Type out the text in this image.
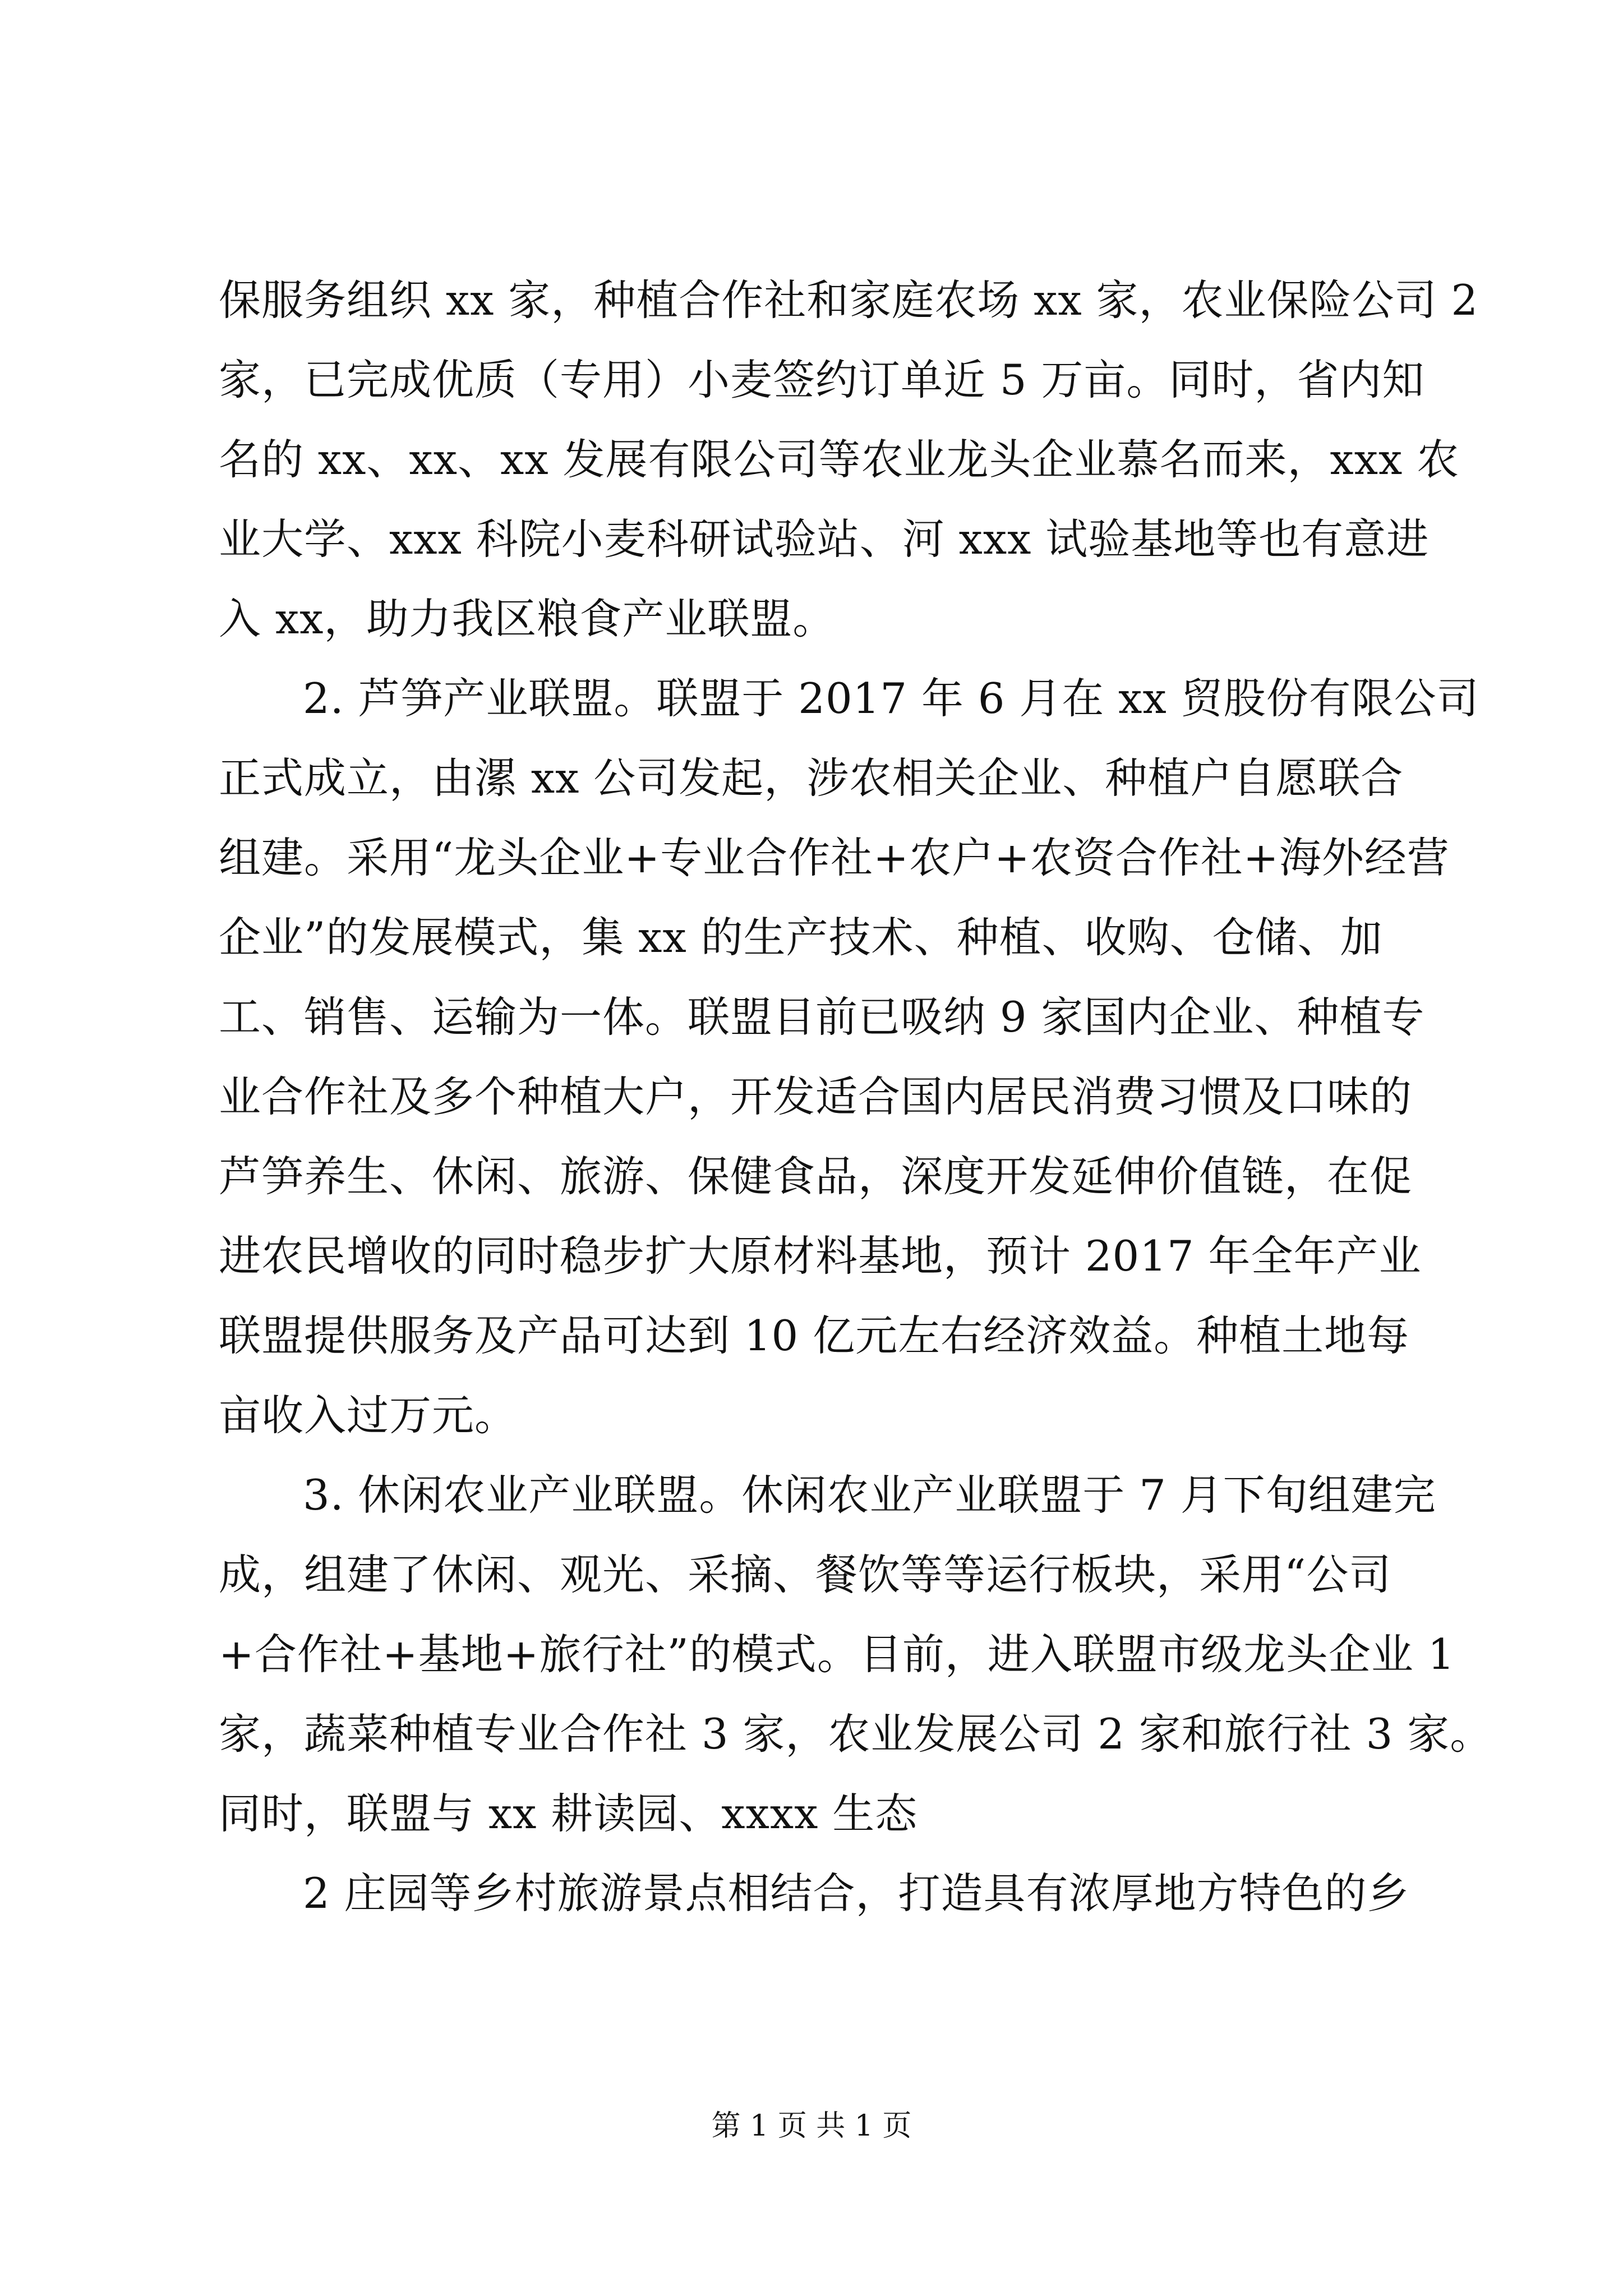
保服务组织 xx 家，种植合作社和家庭农场 xx 家，农业保险公司 2
家，已完成优质（专用）小麦签约订单近 5 万亩。同时，省内知
名的 xx、xx、xx 发展有限公司等农业龙头企业慕名而来，xxx 农
业大学、xxx 科院小麦科研试验站、河 xxx 试验基地等也有意进
入 xx，助力我区粮食产业联盟。
2. 芦笋产业联盟。联盟于 2017 年 6 月在 xx 贸股份有限公司
正式成立，由漯 xx 公司发起，涉农相关企业、种植户自愿联合
组建。采用“龙头企业+专业合作社+农户+农资合作社+海外经营
企业”的发展模式，集 xx 的生产技术、种植、收购、仓储、加
工、销售、运输为一体。联盟目前已吸纳 9 家国内企业、种植专
业合作社及多个种植大户，开发适合国内居民消费习惯及口味的
芦笋养生、休闲、旅游、保健食品，深度开发延伸价值链，在促
进农民增收的同时稳步扩大原材料基地，预计 2017 年全年产业
联盟提供服务及产品可达到 10 亿元左右经济效益。种植土地每
亩收入过万元。
3. 休闲农业产业联盟。休闲农业产业联盟于 7 月下旬组建完
成，组建了休闲、观光、采摘、餐饮等等运行板块，采用“公司
+合作社+基地+旅行社”的模式。目前，进入联盟市级龙头企业 1
家，蔬菜种植专业合作社 3 家，农业发展公司 2 家和旅行社 3 家。
同时，联盟与 xx 耕读园、xxxx 生态
2 庄园等乡村旅游景点相结合，打造具有浓厚地方特色的乡
第 1 页 共 1 页
